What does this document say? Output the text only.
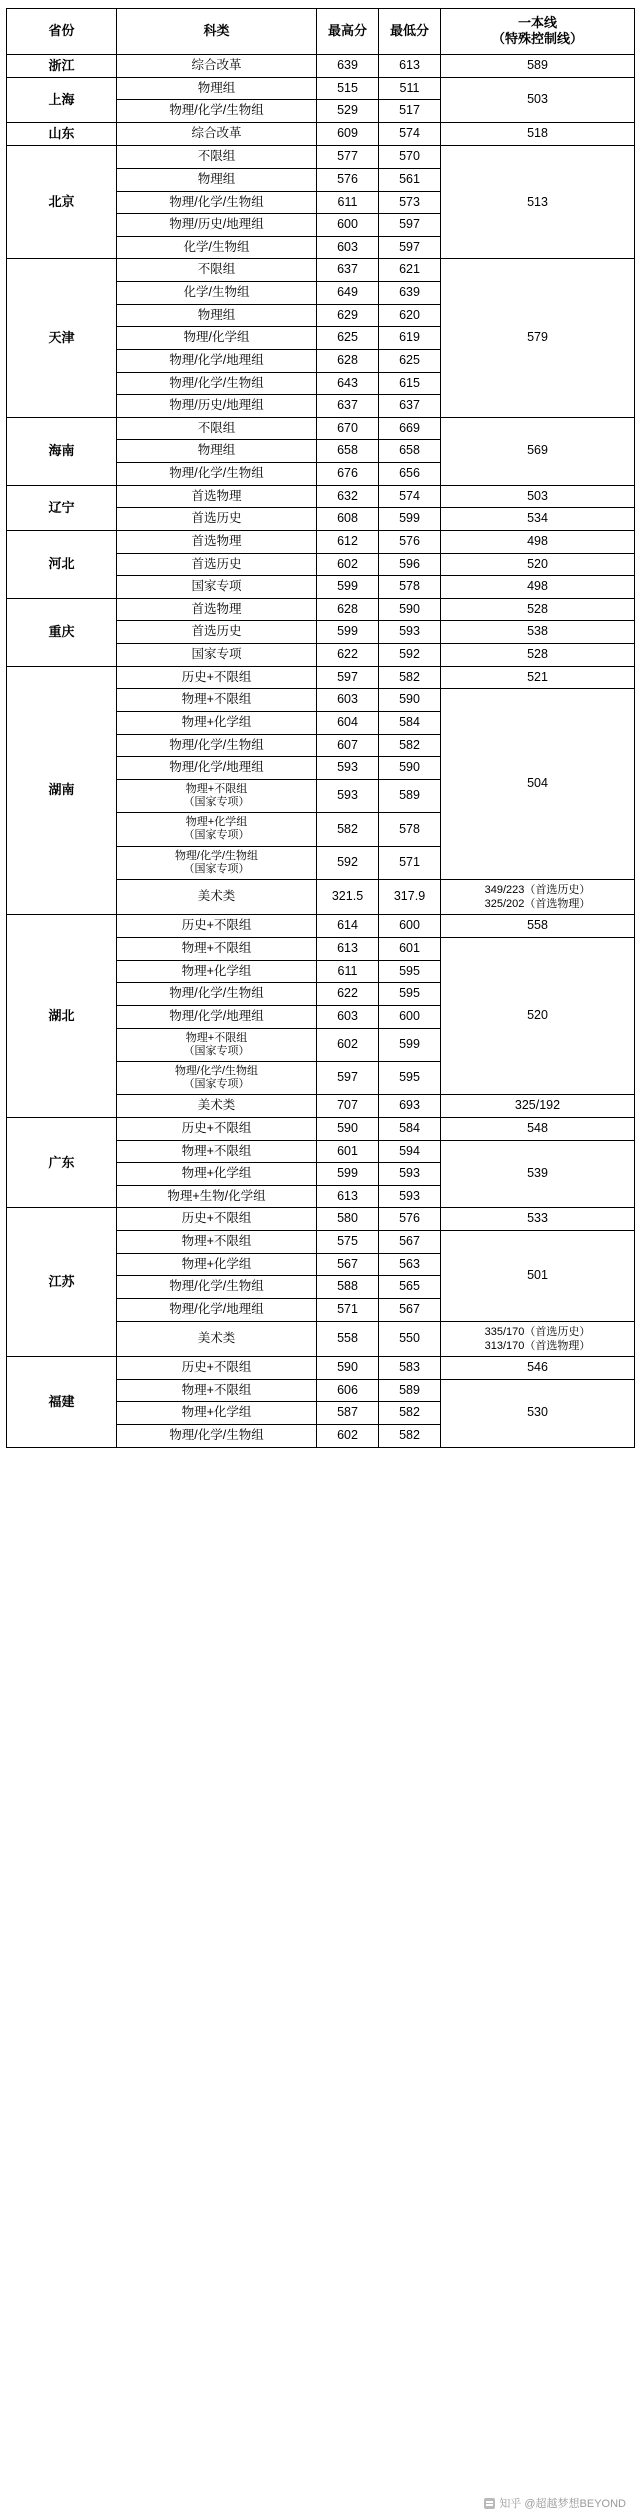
省份	科类	最高分	最低分	一本线
（特殊控制线）
浙江	综合改革	639	613	589
上海	物理组	515	511	503
	物理/化学/生物组	529	517	
山东	综合改革	609	574	518
北京	不限组	577	570	513
	物理组	576	561	
	物理/化学/生物组	611	573	
	物理/历史/地理组	600	597	
	化学/生物组	603	597	
天津	不限组	637	621	579
	化学/生物组	649	639	
	物理组	629	620	
	物理/化学组	625	619	
	物理/化学/地理组	628	625	
	物理/化学/生物组	643	615	
	物理/历史/地理组	637	637	
海南	不限组	670	669	569
	物理组	658	658	
	物理/化学/生物组	676	656	
辽宁	首选物理	632	574	503
	首选历史	608	599	534
河北	首选物理	612	576	498
	首选历史	602	596	520
	国家专项	599	578	498
重庆	首选物理	628	590	528
	首选历史	599	593	538
	国家专项	622	592	528
湖南	历史+不限组	597	582	521
	物理+不限组	603	590	504
	物理+化学组	604	584	
	物理/化学/生物组	607	582	
	物理/化学/地理组	593	590	

	物理+不限组
（国家专项）	593	589	

	物理+化学组
（国家专项）	582	578	

	物理/化学/生物组
（国家专项）	592	571	
	美术类	321.5	317.9	349/223（首选历史）
325/202（首选物理）

湖北	历史+不限组	614	600	558
	物理+不限组	613	601	520
	物理+化学组	611	595	
	物理/化学/生物组	622	595	
	物理/化学/地理组	603	600	

	物理+不限组
（国家专项）	602	599	

	物理/化学/生物组
（国家专项）	597	595	
	美术类	707	693	325/192
广东	历史+不限组	590	584	548
	物理+不限组	601	594	539
	物理+化学组	599	593	
	物理+生物/化学组	613	593	
江苏	历史+不限组	580	576	533
	物理+不限组	575	567	501
	物理+化学组	567	563	
	物理/化学/生物组	588	565	
	物理/化学/地理组	571	567	
	美术类	558	550	335/170（首选历史）
313/170（首选物理）

福建	历史+不限组	590	583	546
	物理+不限组	606	589	530
	物理+化学组	587	582	
	物理/化学/生物组	602	582	
知乎 @超越梦想BEYOND
